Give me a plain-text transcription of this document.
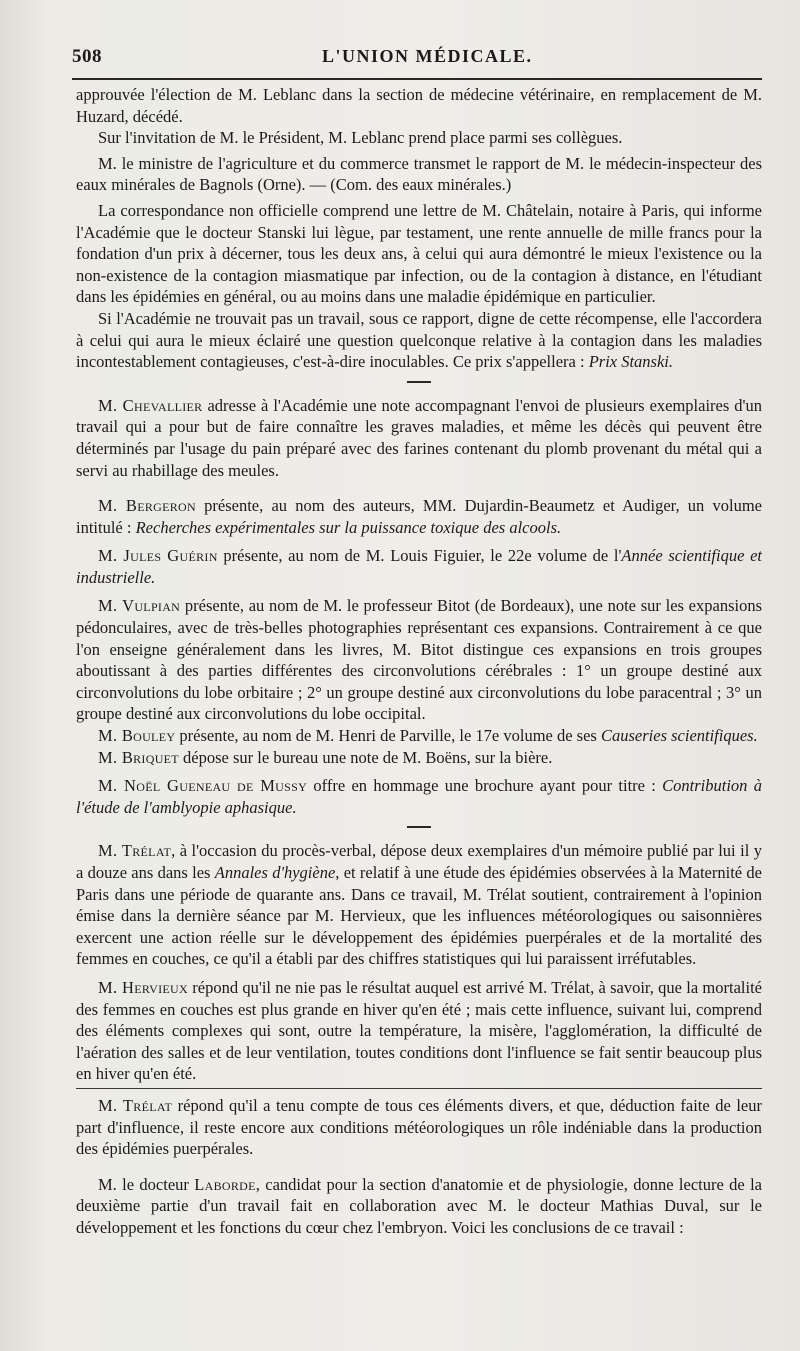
508	L'UNION MÉDICALE.

approuvée l'élection de M. Leblanc dans la section de médecine vétérinaire, en remplacement de M. Huzard, décédé.

Sur l'invitation de M. le Président, M. Leblanc prend place parmi ses collègues.

M. le ministre de l'agriculture et du commerce transmet le rapport de M. le médecin-inspecteur des eaux minérales de Bagnols (Orne). — (Com. des eaux minérales.)

La correspondance non officielle comprend une lettre de M. Châtelain, notaire à Paris, qui informe l'Académie que le docteur Stanski lui lègue, par testament, une rente annuelle de mille francs pour la fondation d'un prix à décerner, tous les deux ans, à celui qui aura démontré le mieux l'existence ou la non-existence de la contagion miasmatique par infection, ou de la contagion à distance, en l'étudiant dans les épidémies en général, ou au moins dans une maladie épidémique en particulier.

Si l'Académie ne trouvait pas un travail, sous ce rapport, digne de cette récompense, elle l'accordera à celui qui aura le mieux éclairé une question quelconque relative à la contagion dans les maladies incontestablement contagieuses, c'est-à-dire inoculables. Ce prix s'appellera : Prix Stanski.

M. Chevallier adresse à l'Académie une note accompagnant l'envoi de plusieurs exemplaires d'un travail qui a pour but de faire connaître les graves maladies, et même les décès qui peuvent être déterminés par l'usage du pain préparé avec des farines contenant du plomb provenant du métal qui a servi au rhabillage des meules.

M. Bergeron présente, au nom des auteurs, MM. Dujardin-Beaumetz et Audiger, un volume intitulé : Recherches expérimentales sur la puissance toxique des alcools.

M. Jules Guérin présente, au nom de M. Louis Figuier, le 22e volume de l'Année scientifique et industrielle.

M. Vulpian présente, au nom de M. le professeur Bitot (de Bordeaux), une note sur les expansions pédonculaires, avec de très-belles photographies représentant ces expansions. Contrairement à ce que l'on enseigne généralement dans les livres, M. Bitot distingue ces expansions en trois groupes aboutissant à des parties différentes des circonvolutions cérébrales : 1° un groupe destiné aux circonvolutions du lobe orbitaire ; 2° un groupe destiné aux circonvolutions du lobe paracentral ; 3° un groupe destiné aux circonvolutions du lobe occipital.

M. Bouley présente, au nom de M. Henri de Parville, le 17e volume de ses Causeries scientifiques.

M. Briquet dépose sur le bureau une note de M. Boëns, sur la bière.

M. Noël Gueneau de Mussy offre en hommage une brochure ayant pour titre : Contribution à l'étude de l'amblyopie aphasique.

M. Trélat, à l'occasion du procès-verbal, dépose deux exemplaires d'un mémoire publié par lui il y a douze ans dans les Annales d'hygiène, et relatif à une étude des épidémies observées à la Maternité de Paris dans une période de quarante ans. Dans ce travail, M. Trélat soutient, contrairement à l'opinion émise dans la dernière séance par M. Hervieux, que les influences météorologiques ou saisonnières exercent une action réelle sur le développement des épidémies puerpérales et de la mortalité des femmes en couches, ce qu'il a établi par des chiffres statistiques qui lui paraissent irréfutables.

M. Hervieux répond qu'il ne nie pas le résultat auquel est arrivé M. Trélat, à savoir, que la mortalité des femmes en couches est plus grande en hiver qu'en été ; mais cette influence, suivant lui, comprend des éléments complexes qui sont, outre la température, la misère, l'agglomération, la difficulté de l'aération des salles et de leur ventilation, toutes conditions dont l'influence se fait sentir beaucoup plus en hiver qu'en été.

M. Trélat répond qu'il a tenu compte de tous ces éléments divers, et que, déduction faite de leur part d'influence, il reste encore aux conditions météorologiques un rôle indéniable dans la production des épidémies puerpérales.

M. le docteur Laborde, candidat pour la section d'anatomie et de physiologie, donne lecture de la deuxième partie d'un travail fait en collaboration avec M. le docteur Mathias Duval, sur le développement et les fonctions du cœur chez l'embryon. Voici les conclusions de ce travail :
